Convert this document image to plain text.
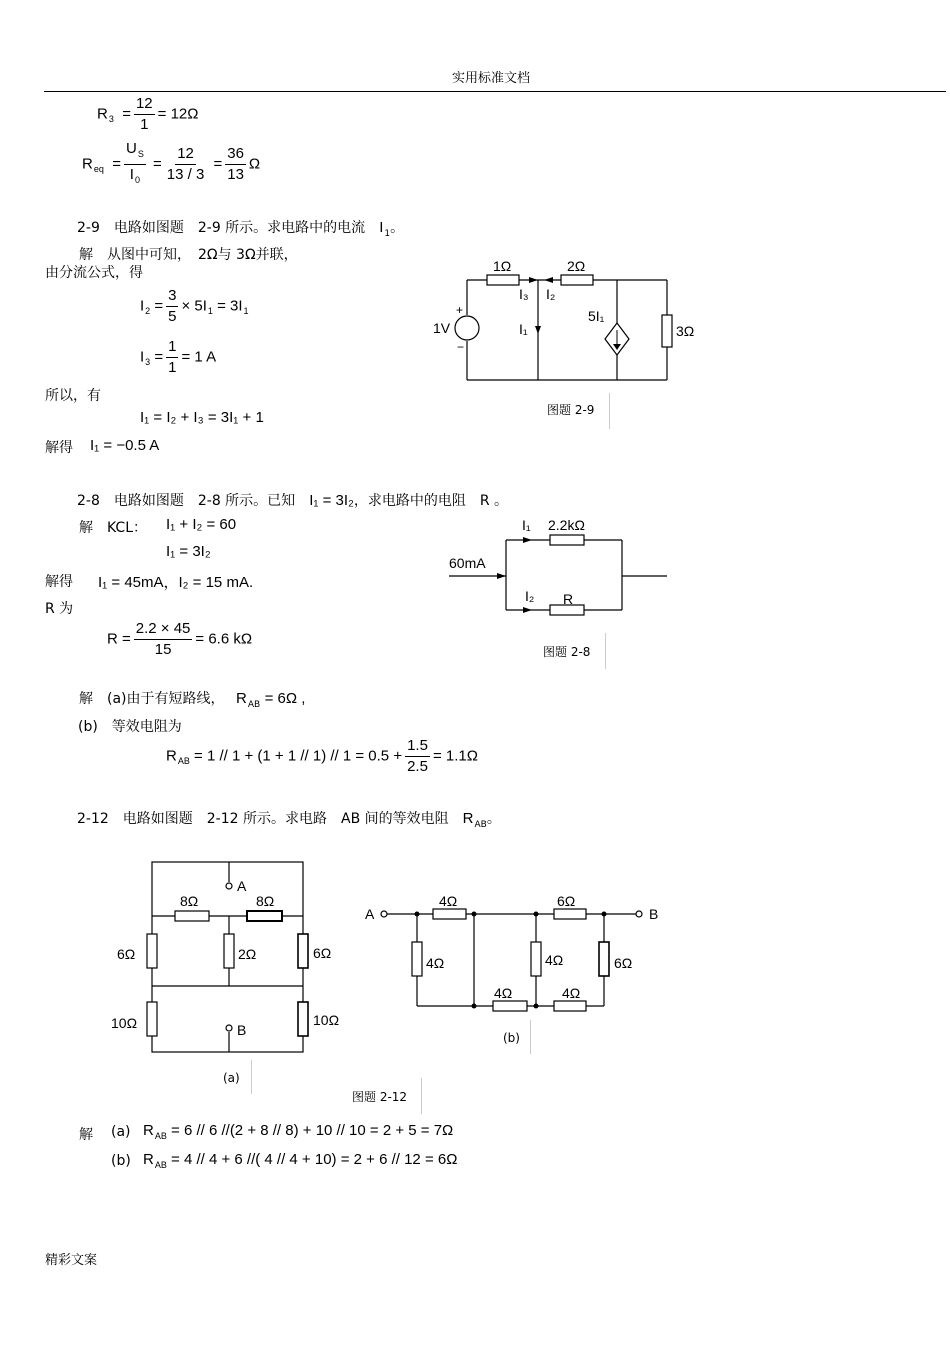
实用标准文档
$R_3 = \frac{12}{1} = 12\Omega$
$R_{eq} = \frac{U_S}{I_0} = \frac{12}{13 / 3} = \frac{36}{13}$ Ω
2-9　电路如图题　2-9 所示。求电路中的电流　 $I_1$。
解　从图中可知，　2Ω与 3Ω并联，
由分流公式，得
$I_2 = \frac{3}{5} \times 5I_1 = 3I_1$
$I_3 = \frac{1}{1} = 1$ A
所以，有
I₁ = I₂ + I₃ = 3I₁ + 1
解得 I₁ = −0.5 A
1Ω	2Ω
3Ω
1V
+
−
I₃ I₂
I₁
5I₁
图题 2-9
2-8　电路如图题　2-8 所示。已知　 I₁ = 3I₂，求电路中的电阻　R 。
解　KCL： I₁ + I₂ = 60
I₁ = 3I₂
解得 I₁ = 45mA，I₂ = 15 mA.
R 为
$R = \frac{2.2 \times 45}{15} = 6.6$ kΩ
60mA
I₁ 2.2kΩ
I₂ R
图题 2-8
解　(a)由于有短路线，　 $R_{AB} = 6\Omega$ ,
(b)　等效电阻为
$R_{AB} = 1 // 1 + (1 + 1 // 1) // 1 = 0.5 + \frac{1.5}{2.5} = 1.1\Omega$
2-12　电路如图题　2-12 所示。求电路　AB 间的等效电阻　 $R_{AB}$。
A
B
8Ω	8Ω
6Ω	2Ω	6Ω
10Ω	10Ω
(a)
A	B
4Ω	6Ω
4Ω	4Ω	6Ω
4Ω	4Ω
(b)
图题 2-12
解 (a) $R_{AB} = 6 // 6$ //(2 + 8 // 8) + 10 // 10 = 2 + 5 = 7Ω
(b) $R_{AB} = 4 // 4 + 6$ //( 4 // 4 + 10) = 2 + 6 // 12 = 6Ω
精彩文案
